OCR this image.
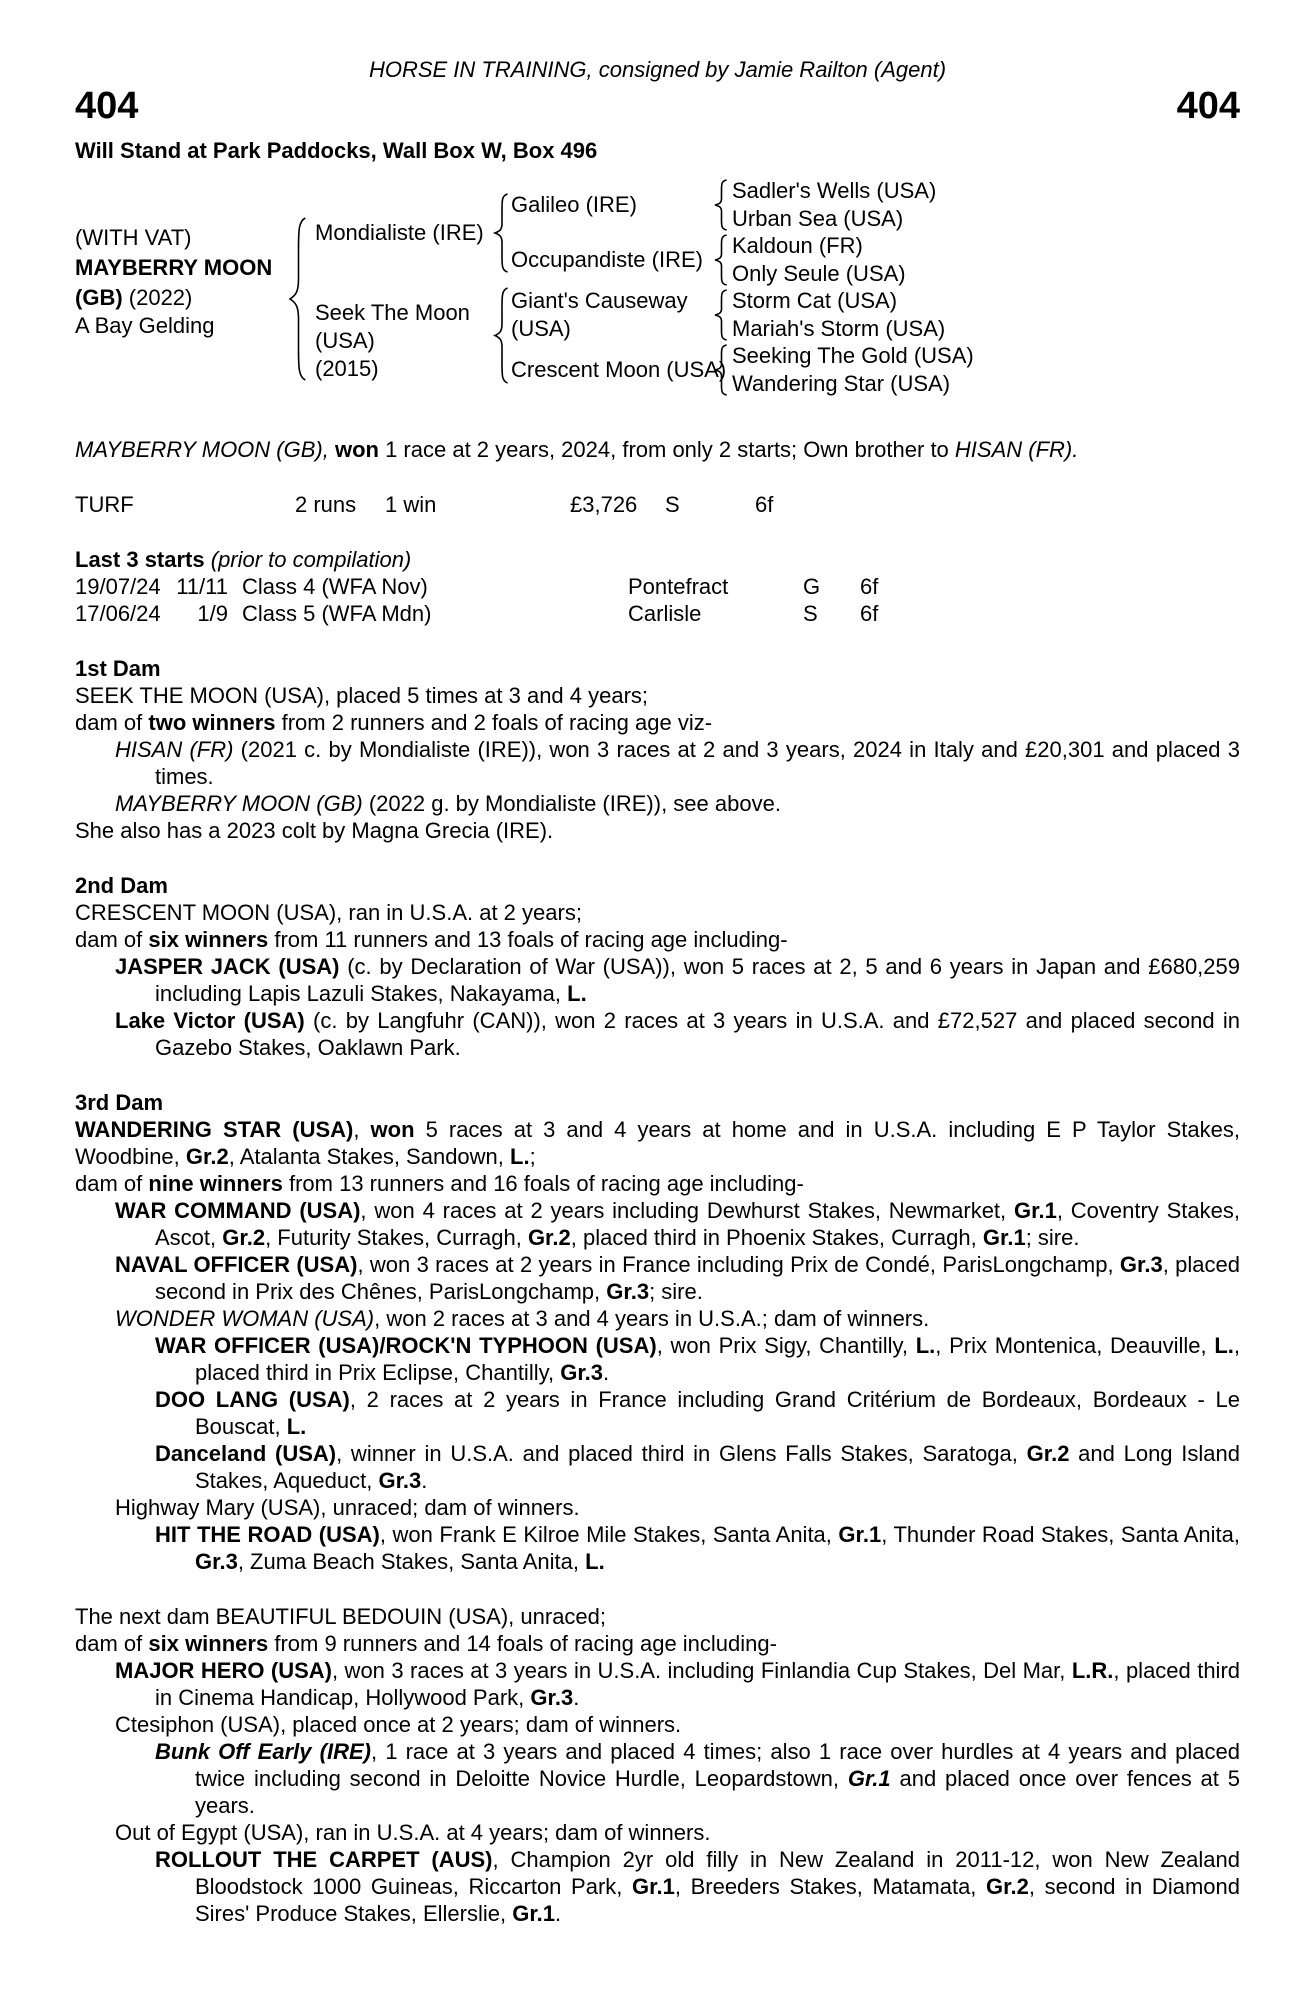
HORSE IN TRAINING, consigned by Jamie Railton (Agent)
404	404
Will Stand at Park Paddocks, Wall Box W, Box 496
(WITH VAT)
MAYBERRY MOON
(GB) (2022)
A Bay Gelding
Mondialiste (IRE)
Seek The Moon
(USA)
(2015)
Galileo (IRE)
Occupandiste (IRE)
Giant's Causeway
(USA)
Crescent Moon (USA)
Sadler's Wells (USA)
Urban Sea (USA)
Kaldoun (FR)
Only Seule (USA)
Storm Cat (USA)
Mariah's Storm (USA)
Seeking The Gold (USA)
Wandering Star (USA)

MAYBERRY MOON (GB), won 1 race at 2 years, 2024, from only 2 starts; Own brother to HISAN (FR).

TURF	2 runs	1 win	£3,726	S	6f

Last 3 starts (prior to compilation)

19/07/24 11/11 Class 4 (WFA Nov)	Pontefract	G	6f
17/06/24	1/9 Class 5 (WFA Mdn)	Carlisle	S	6f
1st Dam

SEEK THE MOON (USA), placed 5 times at 3 and 4 years;

dam of two winners from 2 runners and 2 foals of racing age viz-

HISAN (FR) (2021 c. by Mondialiste (IRE)), won 3 races at 2 and 3 years, 2024 in Italy and £20,301 and placed 3 times.

MAYBERRY MOON (GB) (2022 g. by Mondialiste (IRE)), see above.

She also has a 2023 colt by Magna Grecia (IRE).

2nd Dam

CRESCENT MOON (USA), ran in U.S.A. at 2 years;

dam of six winners from 11 runners and 13 foals of racing age including-

JASPER JACK (USA) (c. by Declaration of War (USA)), won 5 races at 2, 5 and 6 years in Japan and £680,259 including Lapis Lazuli Stakes, Nakayama, L.

Lake Victor (USA) (c. by Langfuhr (CAN)), won 2 races at 3 years in U.S.A. and £72,527 and placed second in Gazebo Stakes, Oaklawn Park.

3rd Dam

WANDERING STAR (USA), won 5 races at 3 and 4 years at home and in U.S.A. including E P Taylor Stakes, Woodbine, Gr.2, Atalanta Stakes, Sandown, L.;

dam of nine winners from 13 runners and 16 foals of racing age including-

WAR COMMAND (USA), won 4 races at 2 years including Dewhurst Stakes, Newmarket, Gr.1, Coventry Stakes, Ascot, Gr.2, Futurity Stakes, Curragh, Gr.2, placed third in Phoenix Stakes, Curragh, Gr.1; sire.

NAVAL OFFICER (USA), won 3 races at 2 years in France including Prix de Condé, ParisLongchamp, Gr.3, placed second in Prix des Chênes, ParisLongchamp, Gr.3; sire.

WONDER WOMAN (USA), won 2 races at 3 and 4 years in U.S.A.; dam of winners.

WAR OFFICER (USA)/ROCK'N TYPHOON (USA), won Prix Sigy, Chantilly, L., Prix Montenica, Deauville, L., placed third in Prix Eclipse, Chantilly, Gr.3.

DOO LANG (USA), 2 races at 2 years in France including Grand Critérium de Bordeaux, Bordeaux - Le Bouscat, L.

Danceland (USA), winner in U.S.A. and placed third in Glens Falls Stakes, Saratoga, Gr.2 and Long Island Stakes, Aqueduct, Gr.3.

Highway Mary (USA), unraced; dam of winners.

HIT THE ROAD (USA), won Frank E Kilroe Mile Stakes, Santa Anita, Gr.1, Thunder Road Stakes, Santa Anita, Gr.3, Zuma Beach Stakes, Santa Anita, L.

The next dam BEAUTIFUL BEDOUIN (USA), unraced;

dam of six winners from 9 runners and 14 foals of racing age including-

MAJOR HERO (USA), won 3 races at 3 years in U.S.A. including Finlandia Cup Stakes, Del Mar, L.R., placed third in Cinema Handicap, Hollywood Park, Gr.3.

Ctesiphon (USA), placed once at 2 years; dam of winners.

Bunk Off Early (IRE), 1 race at 3 years and placed 4 times; also 1 race over hurdles at 4 years and placed twice including second in Deloitte Novice Hurdle, Leopardstown, Gr.1 and placed once over fences at 5 years.

Out of Egypt (USA), ran in U.S.A. at 4 years; dam of winners.

ROLLOUT THE CARPET (AUS), Champion 2yr old filly in New Zealand in 2011-12, won New Zealand Bloodstock 1000 Guineas, Riccarton Park, Gr.1, Breeders Stakes, Matamata, Gr.2, second in Diamond Sires' Produce Stakes, Ellerslie, Gr.1.
